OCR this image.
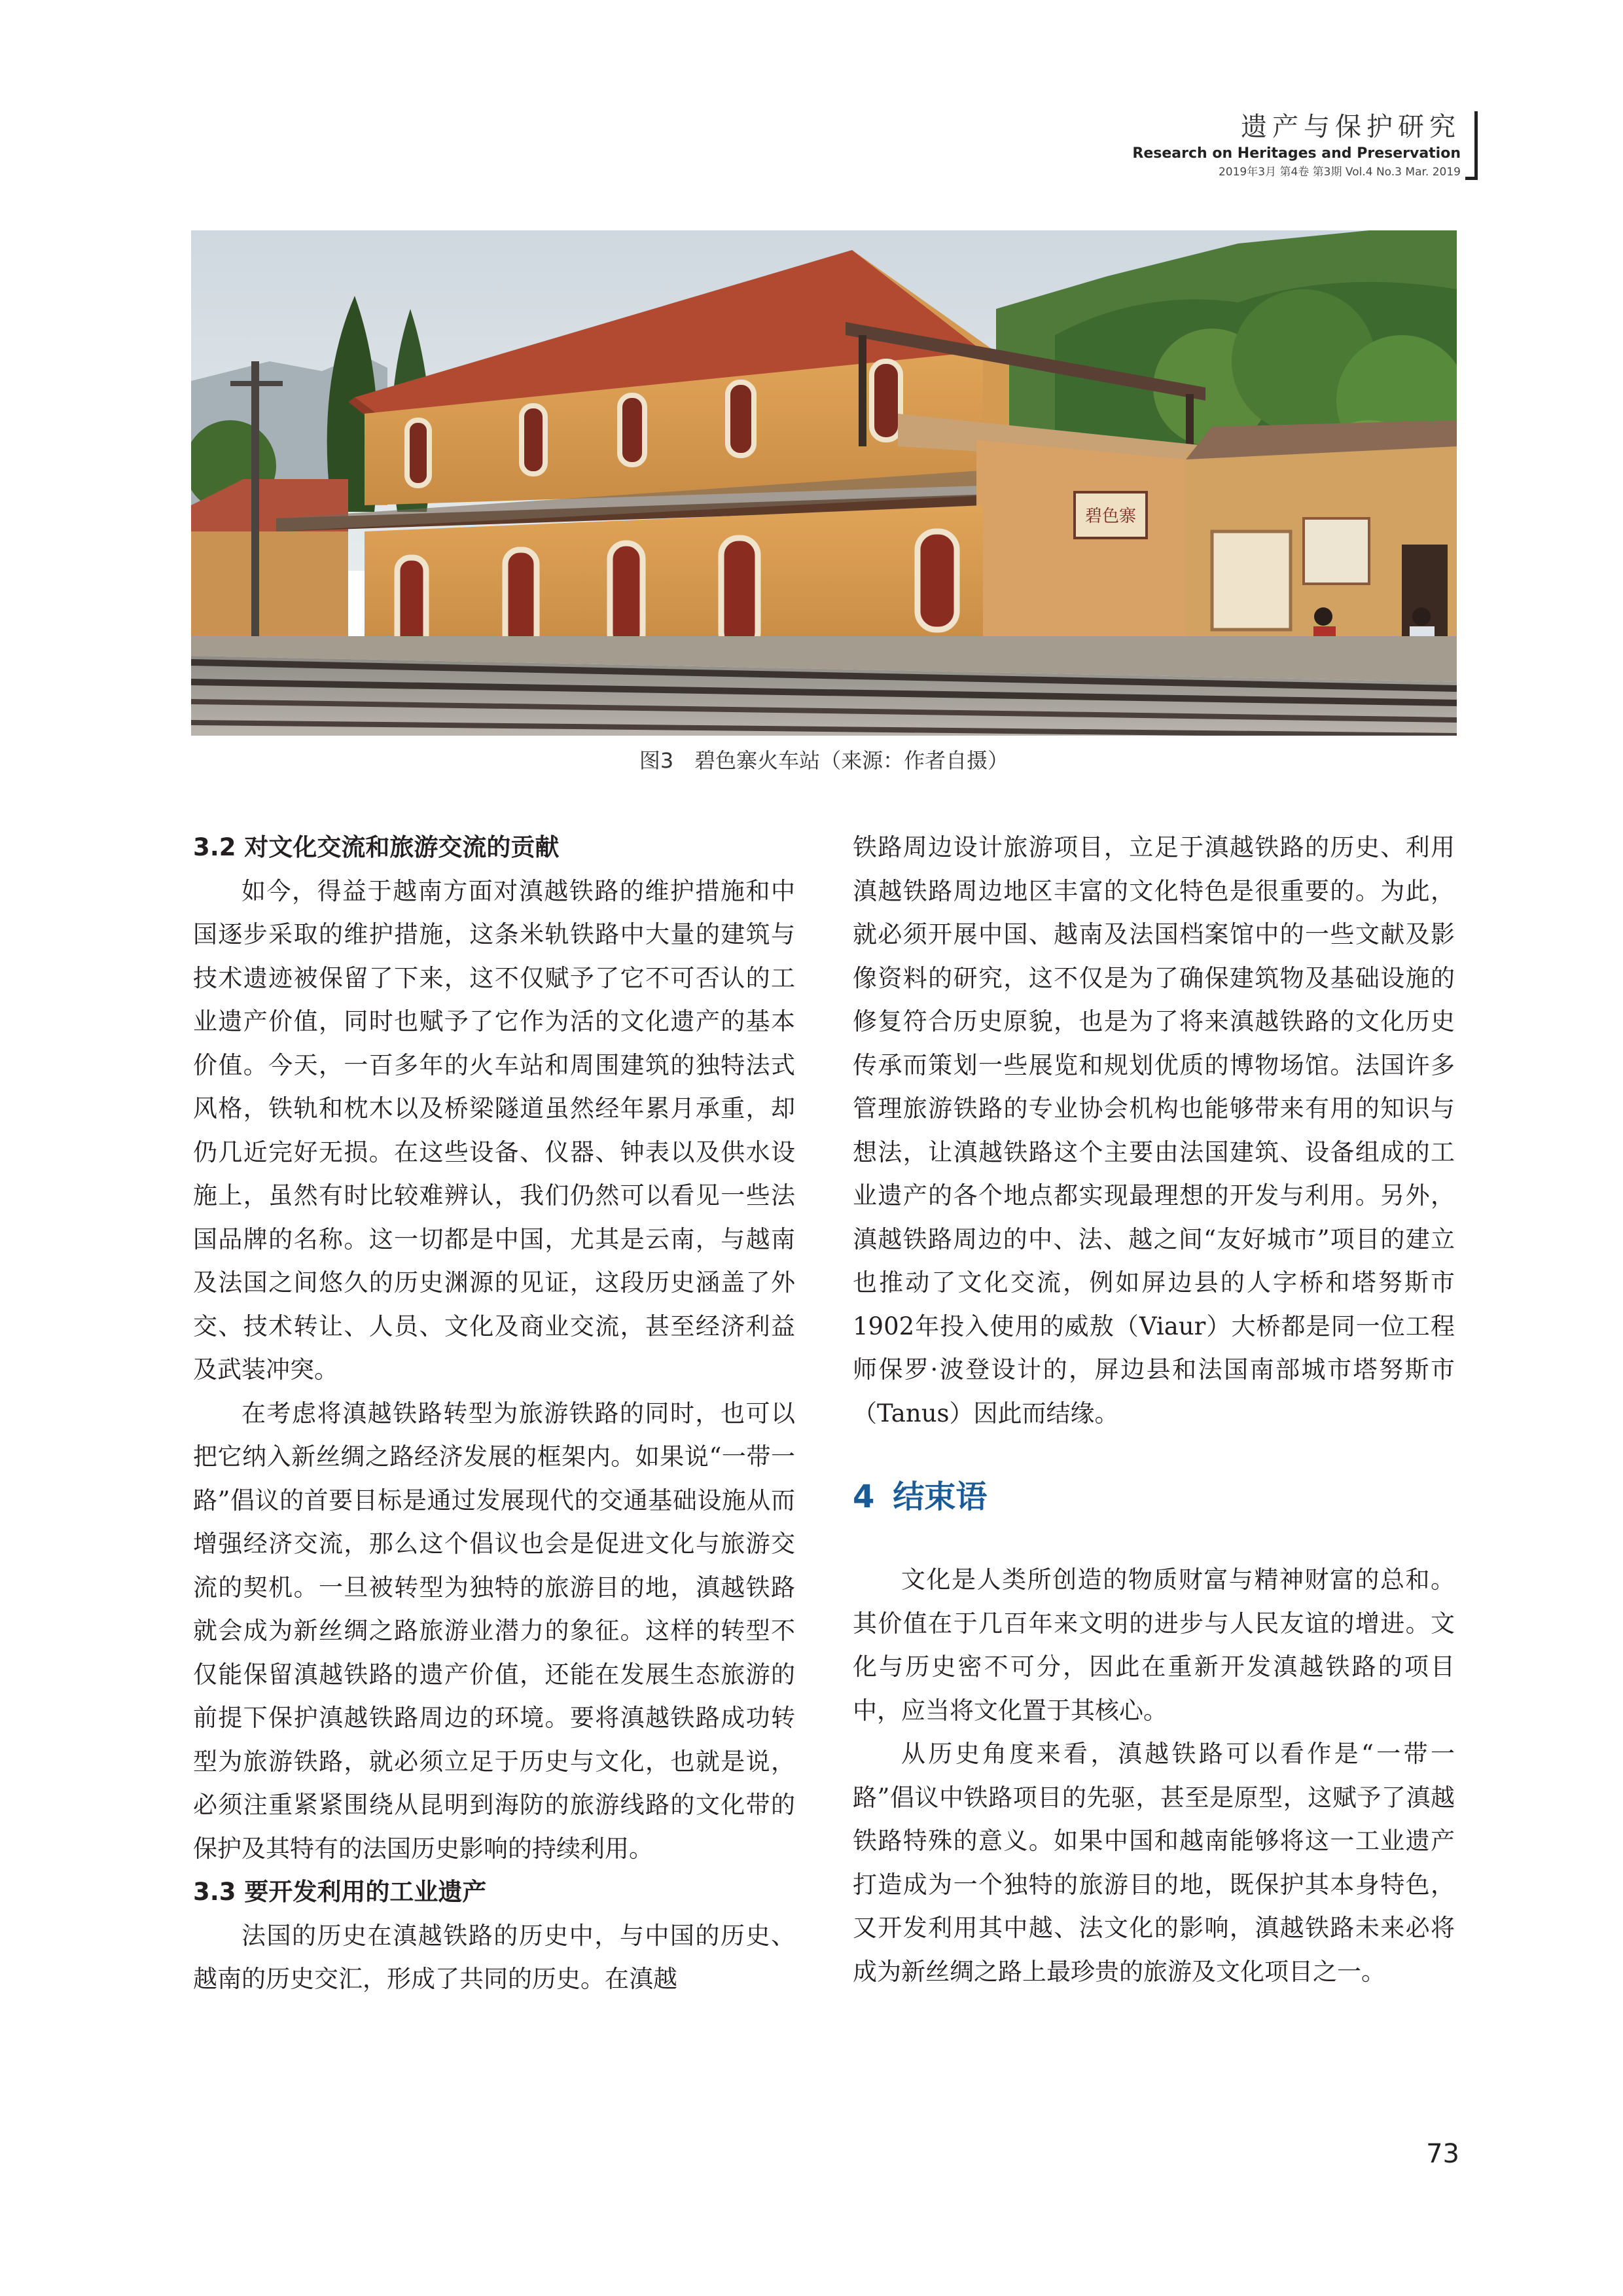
遗产与保护研究
Research on Heritages and Preservation
2019年3月 第4卷 第3期 Vol.4 No.3 Mar. 2019
碧色寨
图3　碧色寨火车站（来源：作者自摄）
3.2 对文化交流和旅游交流的贡献

如今，得益于越南方面对滇越铁路的维护措施和中国逐步采取的维护措施，这条米轨铁路中大量的建筑与技术遗迹被保留了下来，这不仅赋予了它不可否认的工业遗产价值，同时也赋予了它作为活的文化遗产的基本价值。今天，一百多年的火车站和周围建筑的独特法式风格，铁轨和枕木以及桥梁隧道虽然经年累月承重，却仍几近完好无损。在这些设备、仪器、钟表以及供水设施上，虽然有时比较难辨认，我们仍然可以看见一些法国品牌的名称。这一切都是中国，尤其是云南，与越南及法国之间悠久的历史渊源的见证，这段历史涵盖了外交、技术转让、人员、文化及商业交流，甚至经济利益及武装冲突。

在考虑将滇越铁路转型为旅游铁路的同时，也可以把它纳入新丝绸之路经济发展的框架内。如果说“一带一路”倡议的首要目标是通过发展现代的交通基础设施从而增强经济交流，那么这个倡议也会是促进文化与旅游交流的契机。一旦被转型为独特的旅游目的地，滇越铁路就会成为新丝绸之路旅游业潜力的象征。这样的转型不仅能保留滇越铁路的遗产价值，还能在发展生态旅游的前提下保护滇越铁路周边的环境。要将滇越铁路成功转型为旅游铁路，就必须立足于历史与文化，也就是说，必须注重紧紧围绕从昆明到海防的旅游线路的文化带的保护及其特有的法国历史影响的持续利用。

3.3 要开发利用的工业遗产

法国的历史在滇越铁路的历史中，与中国的历史、越南的历史交汇，形成了共同的历史。在滇越

铁路周边设计旅游项目，立足于滇越铁路的历史、利用滇越铁路周边地区丰富的文化特色是很重要的。为此，就必须开展中国、越南及法国档案馆中的一些文献及影像资料的研究，这不仅是为了确保建筑物及基础设施的修复符合历史原貌，也是为了将来滇越铁路的文化历史传承而策划一些展览和规划优质的博物场馆。法国许多管理旅游铁路的专业协会机构也能够带来有用的知识与想法，让滇越铁路这个主要由法国建筑、设备组成的工业遗产的各个地点都实现最理想的开发与利用。另外，滇越铁路周边的中、法、越之间“友好城市”项目的建立也推动了文化交流，例如屏边县的人字桥和塔努斯市1902年投入使用的威敖（Viaur）大桥都是同一位工程师保罗·波登设计的，屏边县和法国南部城市塔努斯市（Tanus）因此而结缘。

4 结束语

文化是人类所创造的物质财富与精神财富的总和。其价值在于几百年来文明的进步与人民友谊的增进。文化与历史密不可分，因此在重新开发滇越铁路的项目中，应当将文化置于其核心。

从历史角度来看，滇越铁路可以看作是“一带一路”倡议中铁路项目的先驱，甚至是原型，这赋予了滇越铁路特殊的意义。如果中国和越南能够将这一工业遗产打造成为一个独特的旅游目的地，既保护其本身特色，又开发利用其中越、法文化的影响，滇越铁路未来必将成为新丝绸之路上最珍贵的旅游及文化项目之一。

73
